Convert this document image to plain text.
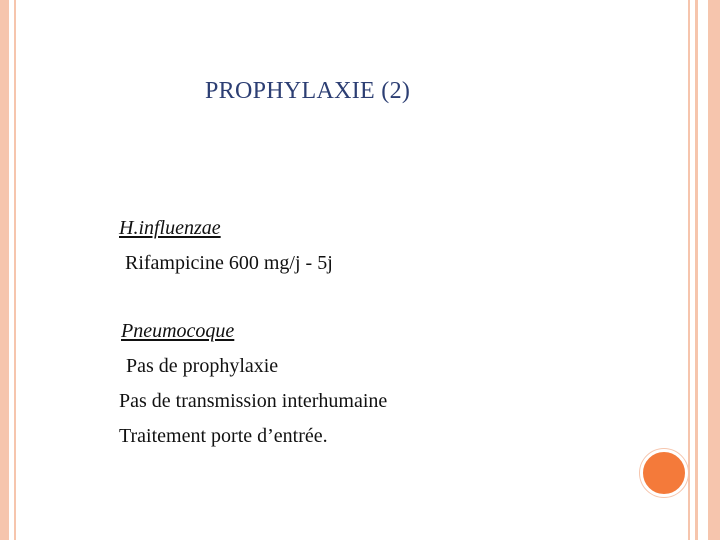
PROPHYLAXIE (2)
H.influenzae
Rifampicine 600 mg/j - 5j
Pneumocoque
Pas de prophylaxie
Pas de transmission interhumaine
Traitement porte d’entrée.
